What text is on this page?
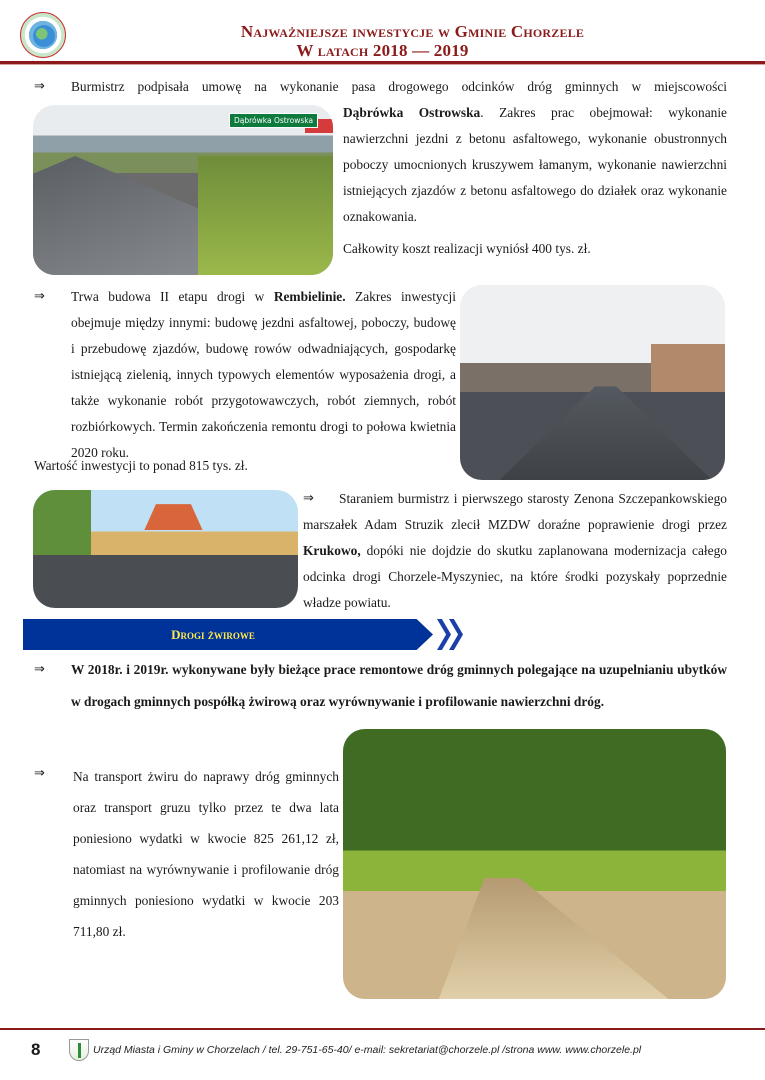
Najważniejsze inwestycje w Gminie Chorzele
W latach 2018 — 2019
⇒ Burmistrz podpisała umowę na wykonanie pasa drogowego odcinków dróg gminnych w miejscowości
Dąbrówka Ostrowska
Dąbrówka Ostrowska. Zakres prac obejmował: wykonanie nawierzchni jezdni z betonu asfaltowego, wykonanie obustronnych poboczy umocnionych kruszywem łamanym, wykonanie nawierzchni istniejących zjazdów z betonu asfaltowego do działek oraz wykonanie oznakowania.
Całkowity koszt realizacji wyniósł 400 tys. zł.
⇒ Trwa budowa II etapu drogi w Rembielinie. Zakres inwestycji obejmuje między innymi: budowę jezdni asfaltowej, poboczy, budowę i przebudowę zjazdów, budowę rowów odwadniających, gospodarkę istniejącą zielenią, innych typowych elementów wyposażenia drogi, a także wykonanie robót przygotowawczych, robót ziemnych, robót rozbiórkowych. Termin zakończenia remontu drogi to połowa kwietnia 2020 roku.
Wartość inwestycji to ponad 815 tys. zł.
⇒	Staraniem burmistrz i pierwszego starosty Zenona Szczepankowskiego marszałek Adam Struzik zlecił MZDW doraźne poprawienie drogi przez Krukowo, dopóki nie dojdzie do skutku zaplanowana modernizacja całego odcinka drogi Chorzele-Myszyniec, na które środki pozyskały poprzednie władze powiatu.
Drogi żwirowe
⇒ W 2018r. i 2019r. wykonywane były bieżące prace remontowe dróg gminnych polegające na uzupelnianiu ubytków w drogach gminnych pospółką żwirową oraz wyrównywanie i profilowanie nawierzchni dróg.
⇒ Na transport żwiru do naprawy dróg gminnych oraz transport gruzu tylko przez te dwa lata poniesiono wydatki w kwocie 825 261,12 zł, natomiast na wyrównywanie i profilowanie dróg gminnych poniesiono wydatki w kwocie 203 711,80 zł.
8	Urząd Miasta i Gminy w Chorzelach / tel. 29-751-65-40/ e-mail: sekretariat@chorzele.pl /strona www. www.chorzele.pl
